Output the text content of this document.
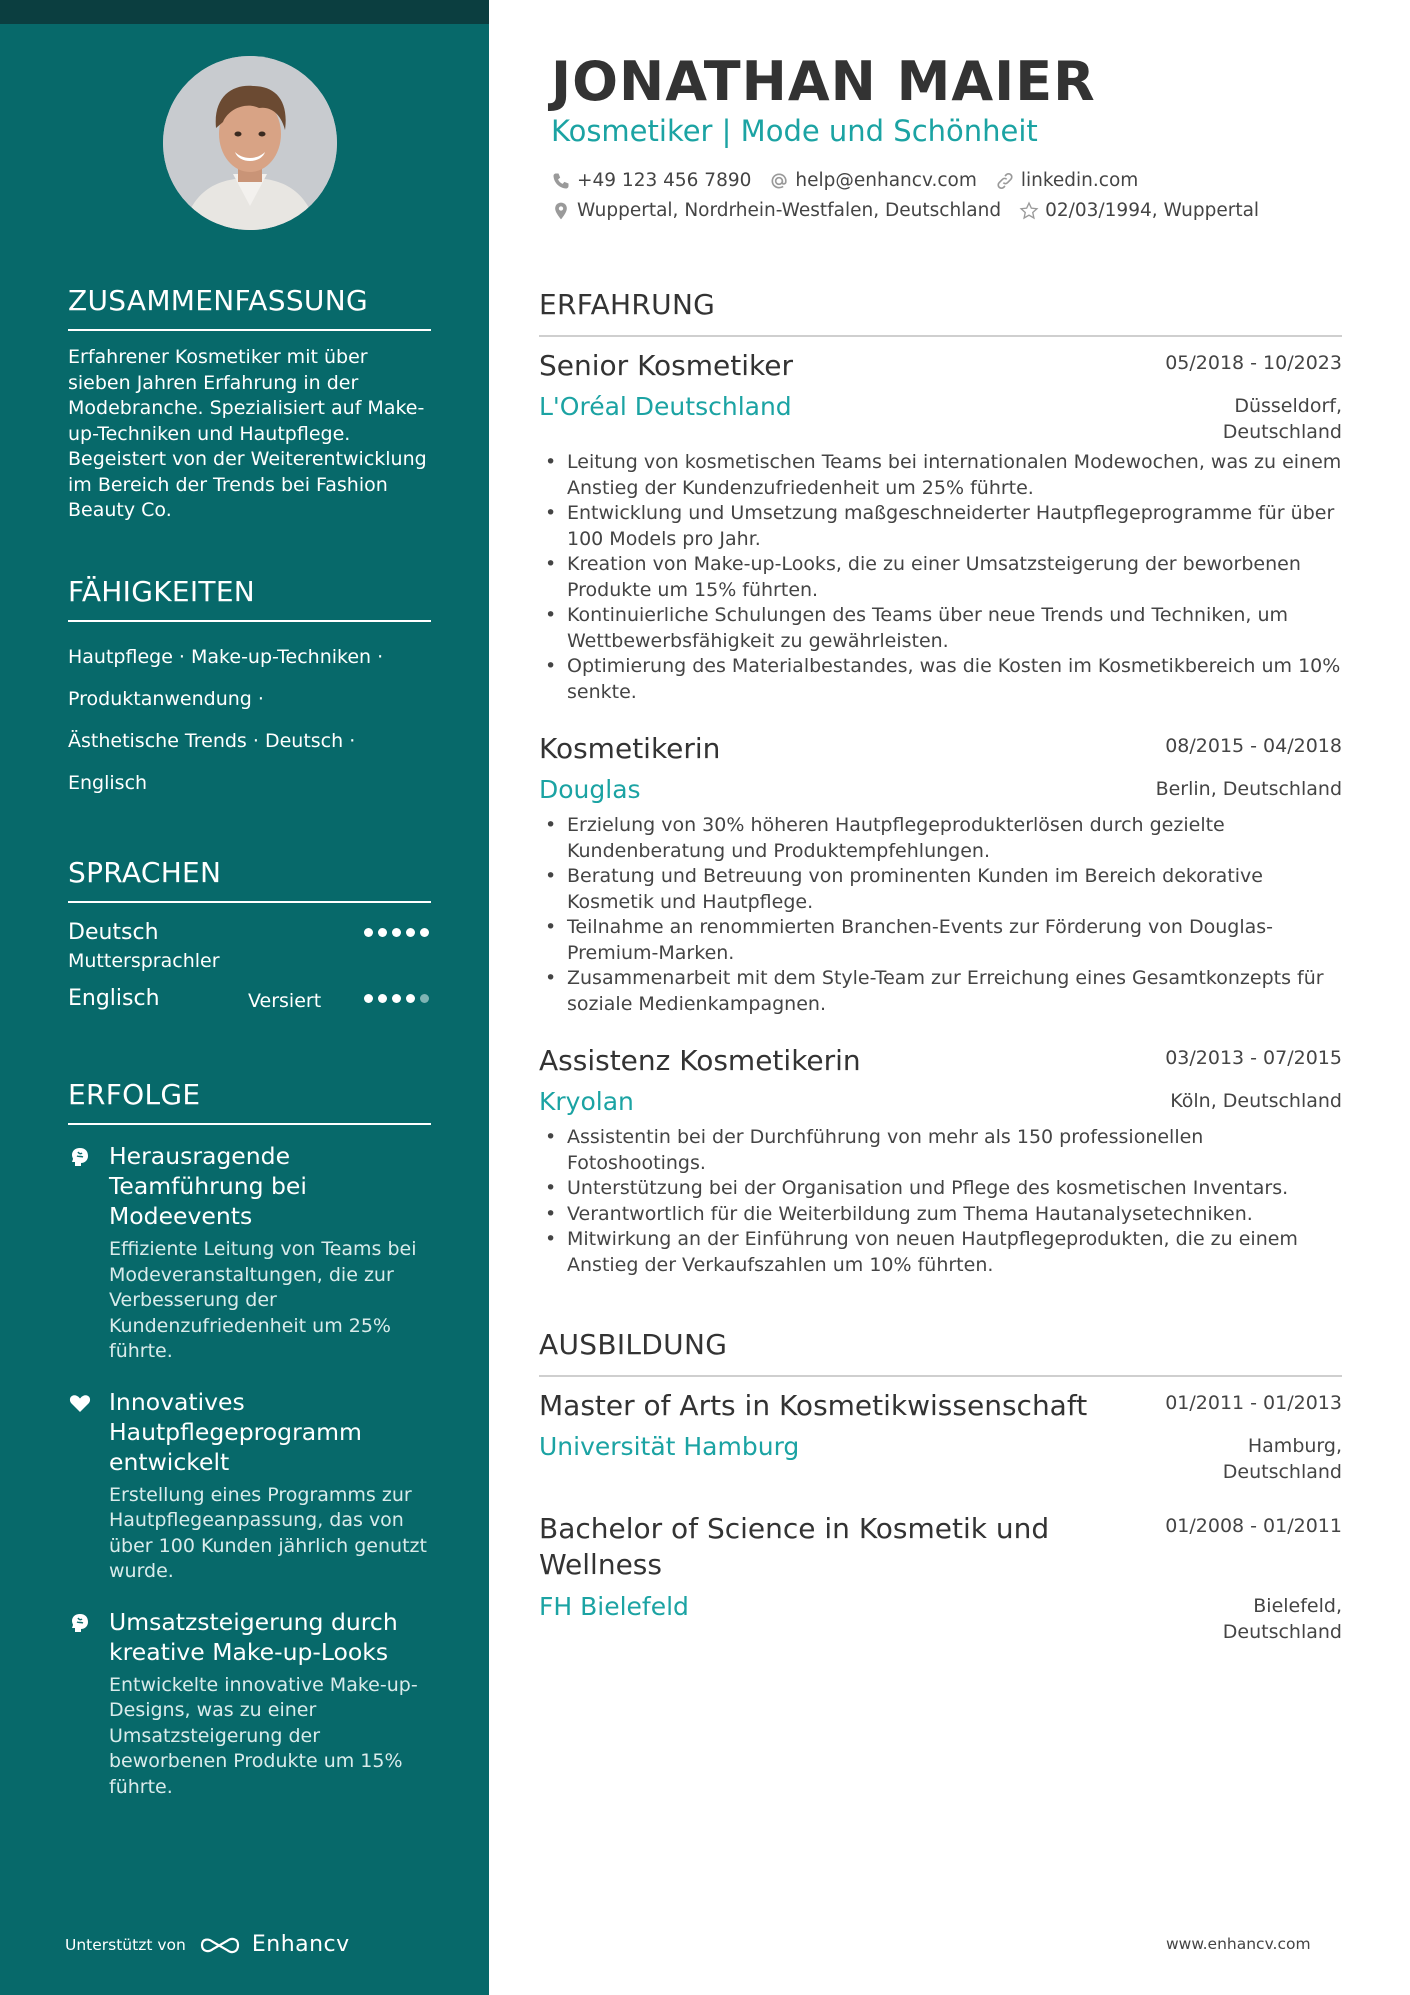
ZUSAMMENFASSUNG
Erfahrener Kosmetiker mit über sieben Jahren Erfahrung in der Modebranche. Spezialisiert auf Make-up-Techniken und Hautpflege. Begeistert von der Weiterentwicklung im Bereich der Trends bei Fashion Beauty Co.
FÄHIGKEITEN
Hautpflege · Make-up-Techniken ·
Produktanwendung ·
Ästhetische Trends · Deutsch ·
Englisch
SPRACHEN
Deutsch
Muttersprachler
Englisch	Versiert
ERFOLGE
Herausragende Teamführung bei Modeevents
Effiziente Leitung von Teams bei Modeveranstaltungen, die zur Verbesserung der Kundenzufriedenheit um 25% führte.
Innovatives Hautpflegeprogramm entwickelt
Erstellung eines Programms zur Hautpflegeanpassung, das von über 100 Kunden jährlich genutzt wurde.
Umsatzsteigerung durch kreative Make-up-Looks
Entwickelte innovative Make-up-Designs, was zu einer Umsatzsteigerung der beworbenen Produkte um 15% führte.
Unterstützt von	Enhancv
JONATHAN MAIER
Kosmetiker | Mode und Schönheit
+49 123 456 7890 help@enhancv.com linkedin.com
Wuppertal, Nordrhein-Westfalen, Deutschland 02/03/1994, Wuppertal
ERFAHRUNG
Senior Kosmetiker	05/2018 - 10/2023
L'Oréal Deutschland	Düsseldorf,
Deutschland
• Leitung von kosmetischen Teams bei internationalen Modewochen, was zu einem Anstieg der Kundenzufriedenheit um 25% führte.
• Entwicklung und Umsetzung maßgeschneiderter Hautpflegeprogramme für über 100 Models pro Jahr.
• Kreation von Make-up-Looks, die zu einer Umsatzsteigerung der beworbenen Produkte um 15% führten.
• Kontinuierliche Schulungen des Teams über neue Trends und Techniken, um Wettbewerbsfähigkeit zu gewährleisten.
• Optimierung des Materialbestandes, was die Kosten im Kosmetikbereich um 10% senkte.
Kosmetikerin	08/2015 - 04/2018
Douglas	Berlin, Deutschland
• Erzielung von 30% höheren Hautpflegeprodukterlösen durch gezielte Kundenberatung und Produktempfehlungen.
• Beratung und Betreuung von prominenten Kunden im Bereich dekorative Kosmetik und Hautpflege.
• Teilnahme an renommierten Branchen-Events zur Förderung von Douglas-Premium-Marken.
• Zusammenarbeit mit dem Style-Team zur Erreichung eines Gesamtkonzepts für soziale Medienkampagnen.
Assistenz Kosmetikerin	03/2013 - 07/2015
Kryolan	Köln, Deutschland
• Assistentin bei der Durchführung von mehr als 150 professionellen Fotoshootings.
• Unterstützung bei der Organisation und Pflege des kosmetischen Inventars.
• Verantwortlich für die Weiterbildung zum Thema Hautanalysetechniken.
• Mitwirkung an der Einführung von neuen Hautpflegeprodukten, die zu einem Anstieg der Verkaufszahlen um 10% führten.
AUSBILDUNG
Master of Arts in Kosmetikwissenschaft	01/2011 - 01/2013
Universität Hamburg	Hamburg,
Deutschland
Bachelor of Science in Kosmetik und Wellness
01/2008 - 01/2011
FH Bielefeld	Bielefeld,
Deutschland
www.enhancv.com
